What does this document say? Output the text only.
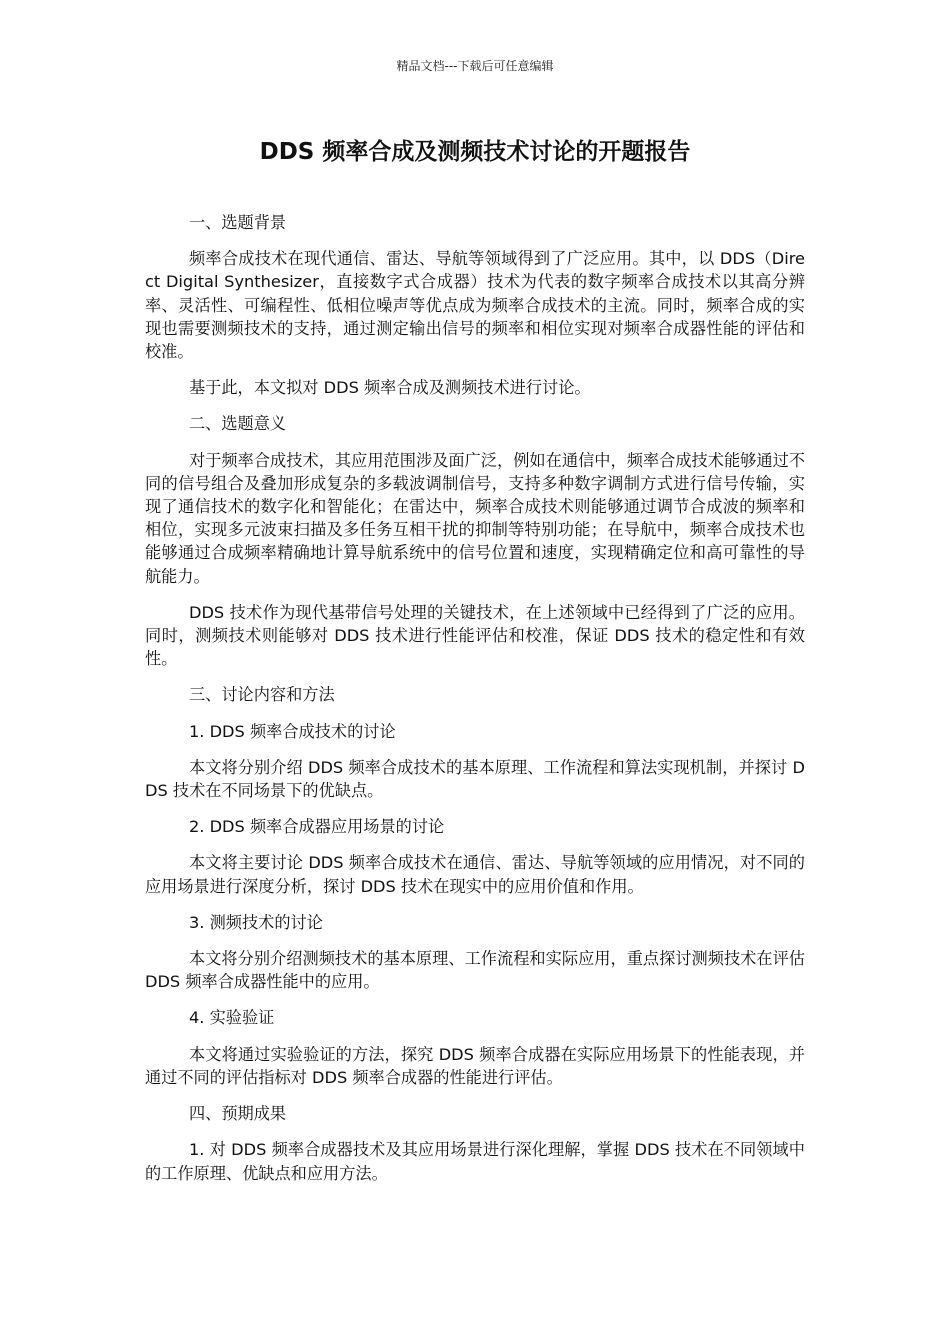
精品文档---下载后可任意编辑
DDS 频率合成及测频技术讨论的开题报告

一、选题背景

频率合成技术在现代通信、雷达、导航等领域得到了广泛应用。其中，以 DDS（Direct Digital Synthesizer，直接数字式合成器）技术为代表的数字频率合成技术以其高分辨率、灵活性、可编程性、低相位噪声等优点成为频率合成技术的主流。同时，频率合成的实现也需要测频技术的支持，通过测定输出信号的频率和相位实现对频率合成器性能的评估和校准。

基于此，本文拟对 DDS 频率合成及测频技术进行讨论。

二、选题意义

对于频率合成技术，其应用范围涉及面广泛，例如在通信中，频率合成技术能够通过不同的信号组合及叠加形成复杂的多载波调制信号，支持多种数字调制方式进行信号传输，实现了通信技术的数字化和智能化；在雷达中，频率合成技术则能够通过调节合成波的频率和相位，实现多元波束扫描及多任务互相干扰的抑制等特别功能；在导航中，频率合成技术也能够通过合成频率精确地计算导航系统中的信号位置和速度，实现精确定位和高可靠性的导航能力。

DDS 技术作为现代基带信号处理的关键技术，在上述领域中已经得到了广泛的应用。同时，测频技术则能够对 DDS 技术进行性能评估和校准，保证 DDS 技术的稳定性和有效性。

三、讨论内容和方法

1. DDS 频率合成技术的讨论

本文将分别介绍 DDS 频率合成技术的基本原理、工作流程和算法实现机制，并探讨 DDS 技术在不同场景下的优缺点。

2. DDS 频率合成器应用场景的讨论

本文将主要讨论 DDS 频率合成技术在通信、雷达、导航等领域的应用情况，对不同的应用场景进行深度分析，探讨 DDS 技术在现实中的应用价值和作用。

3. 测频技术的讨论

本文将分别介绍测频技术的基本原理、工作流程和实际应用，重点探讨测频技术在评估 DDS 频率合成器性能中的应用。

4. 实验验证

本文将通过实验验证的方法，探究 DDS 频率合成器在实际应用场景下的性能表现，并通过不同的评估指标对 DDS 频率合成器的性能进行评估。

四、预期成果

1. 对 DDS 频率合成器技术及其应用场景进行深化理解，掌握 DDS 技术在不同领域中的工作原理、优缺点和应用方法。
